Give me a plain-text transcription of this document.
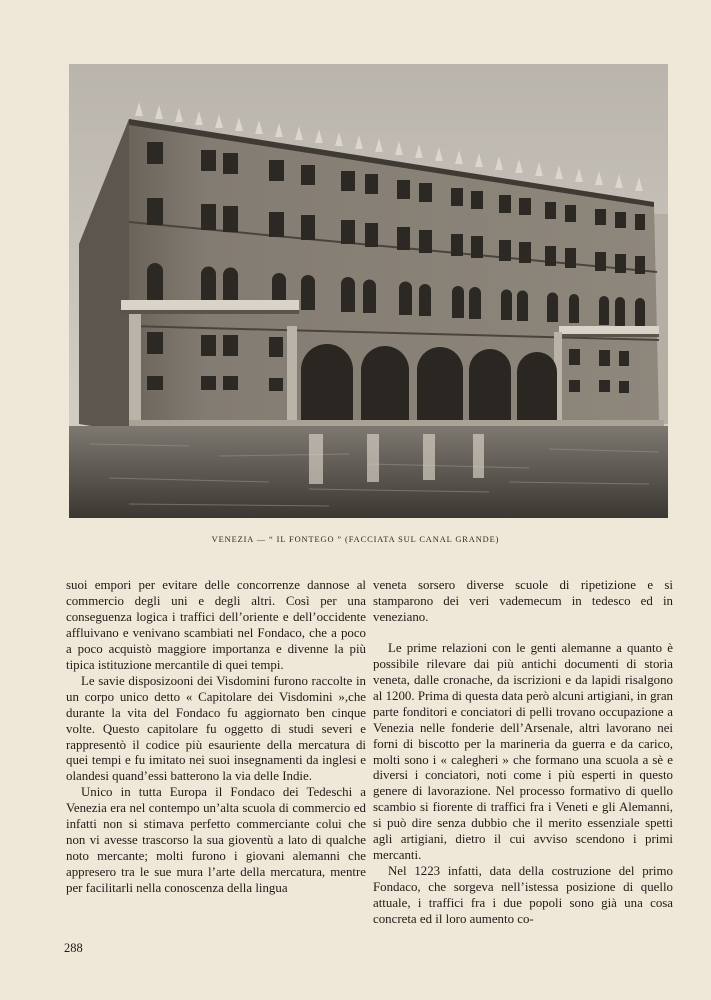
VENEZIA — “ IL FONTEGO ” (FACCIATA SUL CANAL GRANDE)

suoi empori per evitare delle concorrenze dannose al commercio degli uni e degli altri. Così per una conseguenza logica i traffici dell’oriente e dell’occidente affluivano e venivano scambiati nel Fondaco, che a poco a poco acquistò maggiore importanza e divenne la più tipica istituzione mercantile di quei tempi.

Le savie disposizooni dei Visdomini furono raccolte in un corpo unico detto « Capitolare dei Visdomini »,che durante la vita del Fondaco fu aggiornato ben cinque volte. Questo capitolare fu oggetto di studi severi e rappresentò il codice più esauriente della mercatura di quei tempi e fu imitato nei suoi insegnamenti da inglesi e olandesi quand’essi batterono la via delle Indie.

Unico in tutta Europa il Fondaco dei Tedeschi a Venezia era nel contempo un’alta scuola di commercio ed infatti non si stimava perfetto commerciante colui che non vi avesse trascorso la sua gioventù a lato di qualche noto mercante; molti furono i giovani alemanni che appresero tra le sue mura l’arte della mercatura, mentre per facilitarli nella conoscenza della lingua

veneta sorsero diverse scuole di ripetizione e si stamparono dei veri vademecum in tedesco ed in veneziano.

Le prime relazioni con le genti alemanne a quanto è possibile rilevare dai più antichi documenti di storia veneta, dalle cronache, da iscrizioni e da lapidi risalgono al 1200. Prima di questa data però alcuni artigiani, in gran parte fonditori e conciatori di pelli trovano occupazione a Venezia nelle fonderie dell’Arsenale, altri lavorano nei forni di biscotto per la marineria da guerra e da carico, molti sono i « calegheri » che formano una scuola a sè e diversi i conciatori, noti come i più esperti in questo genere di lavorazione. Nel processo formativo di quello scambio si fiorente di traffici fra i Veneti e gli Alemanni, si può dire senza dubbio che il merito essenziale spetti agli artigiani, dietro il cui avviso scendono i primi mercanti.

Nel 1223 infatti, data della costruzione del primo Fondaco, che sorgeva nell’istessa posizione di quello attuale, i traffici fra i due popoli sono già una cosa concreta ed il loro aumento co-

288
